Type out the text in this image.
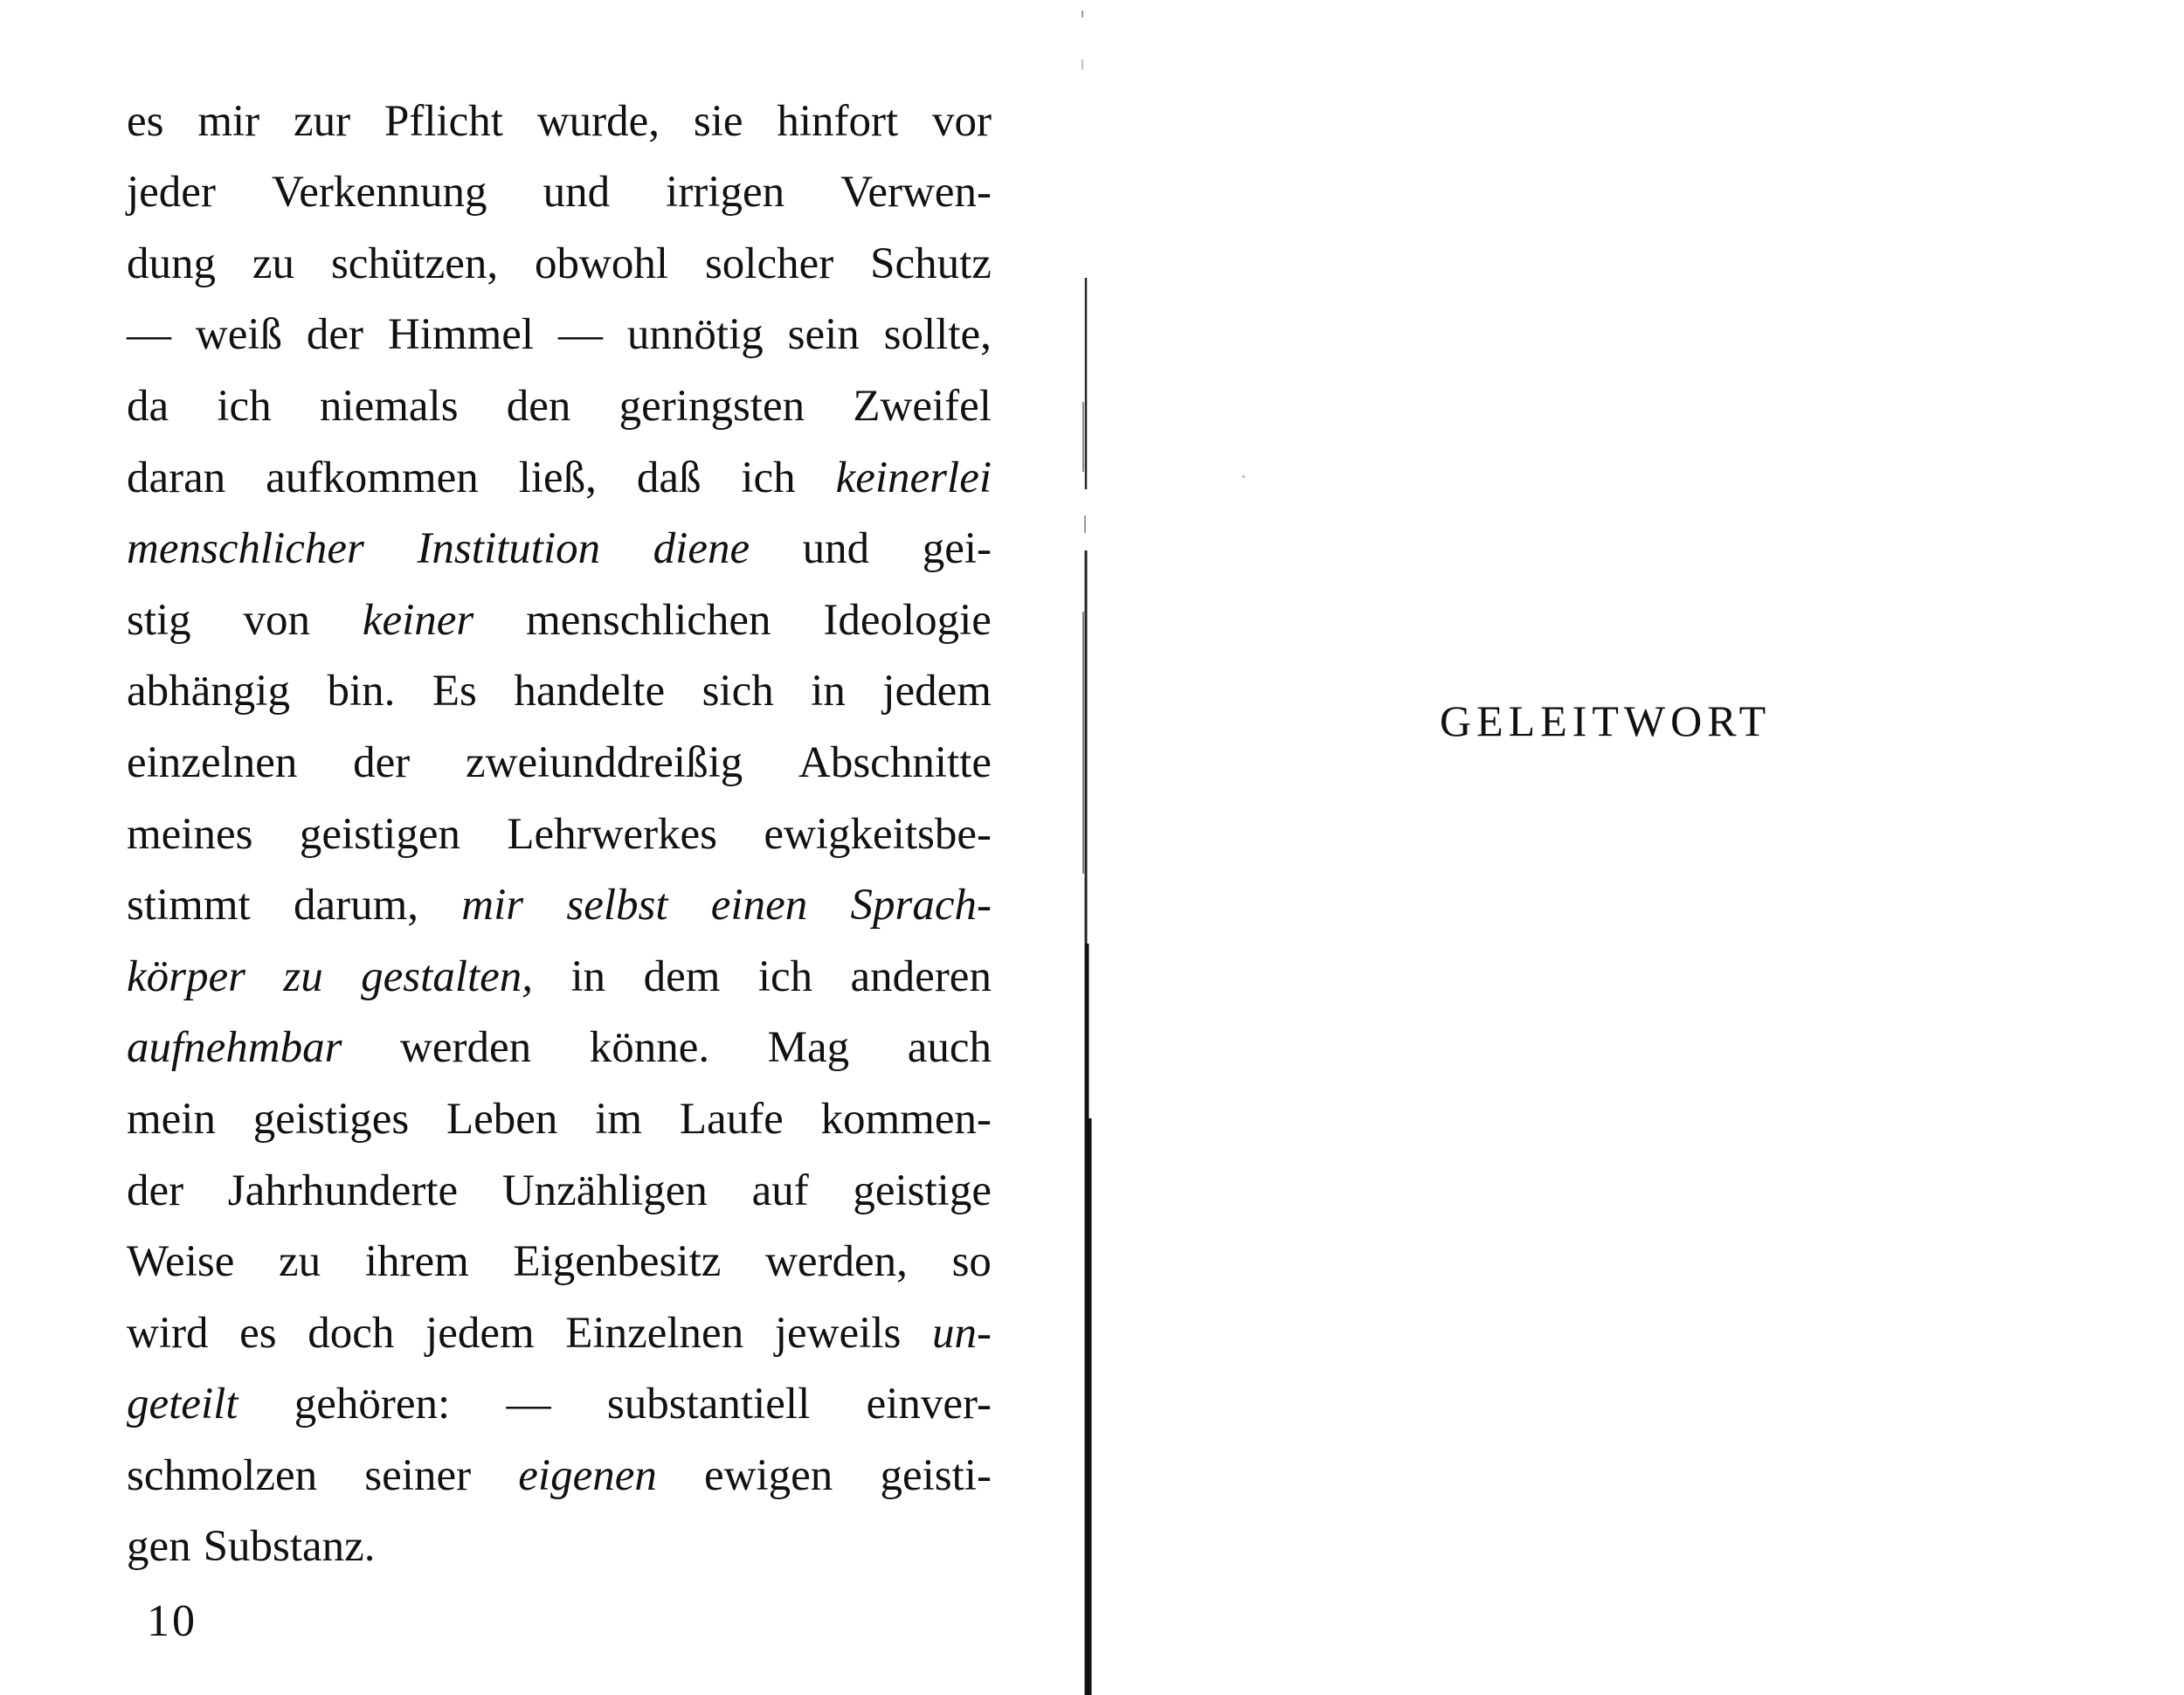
es mir zur Pflicht wurde, sie hinfort vor
jeder Verkennung und irrigen Verwen-
dung zu schützen, obwohl solcher Schutz
— weiß der Himmel — unnötig sein sollte,
da ich niemals den geringsten Zweifel
daran aufkommen ließ, daß ich keinerlei
menschlicher Institution diene und gei-
stig von keiner menschlichen Ideologie
abhängig bin. Es handelte sich in jedem
einzelnen der zweiunddreißig Abschnitte
meines geistigen Lehrwerkes ewigkeitsbe-
stimmt darum, mir selbst einen Sprach-
körper zu gestalten, in dem ich anderen
aufnehmbar werden könne. Mag auch
mein geistiges Leben im Laufe kommen-
der Jahrhunderte Unzähligen auf geistige
Weise zu ihrem Eigenbesitz werden, so
wird es doch jedem Einzelnen jeweils un-
geteilt gehören: — substantiell einver-
schmolzen seiner eigenen ewigen geisti-
gen Substanz.
10
GELEITWORT
